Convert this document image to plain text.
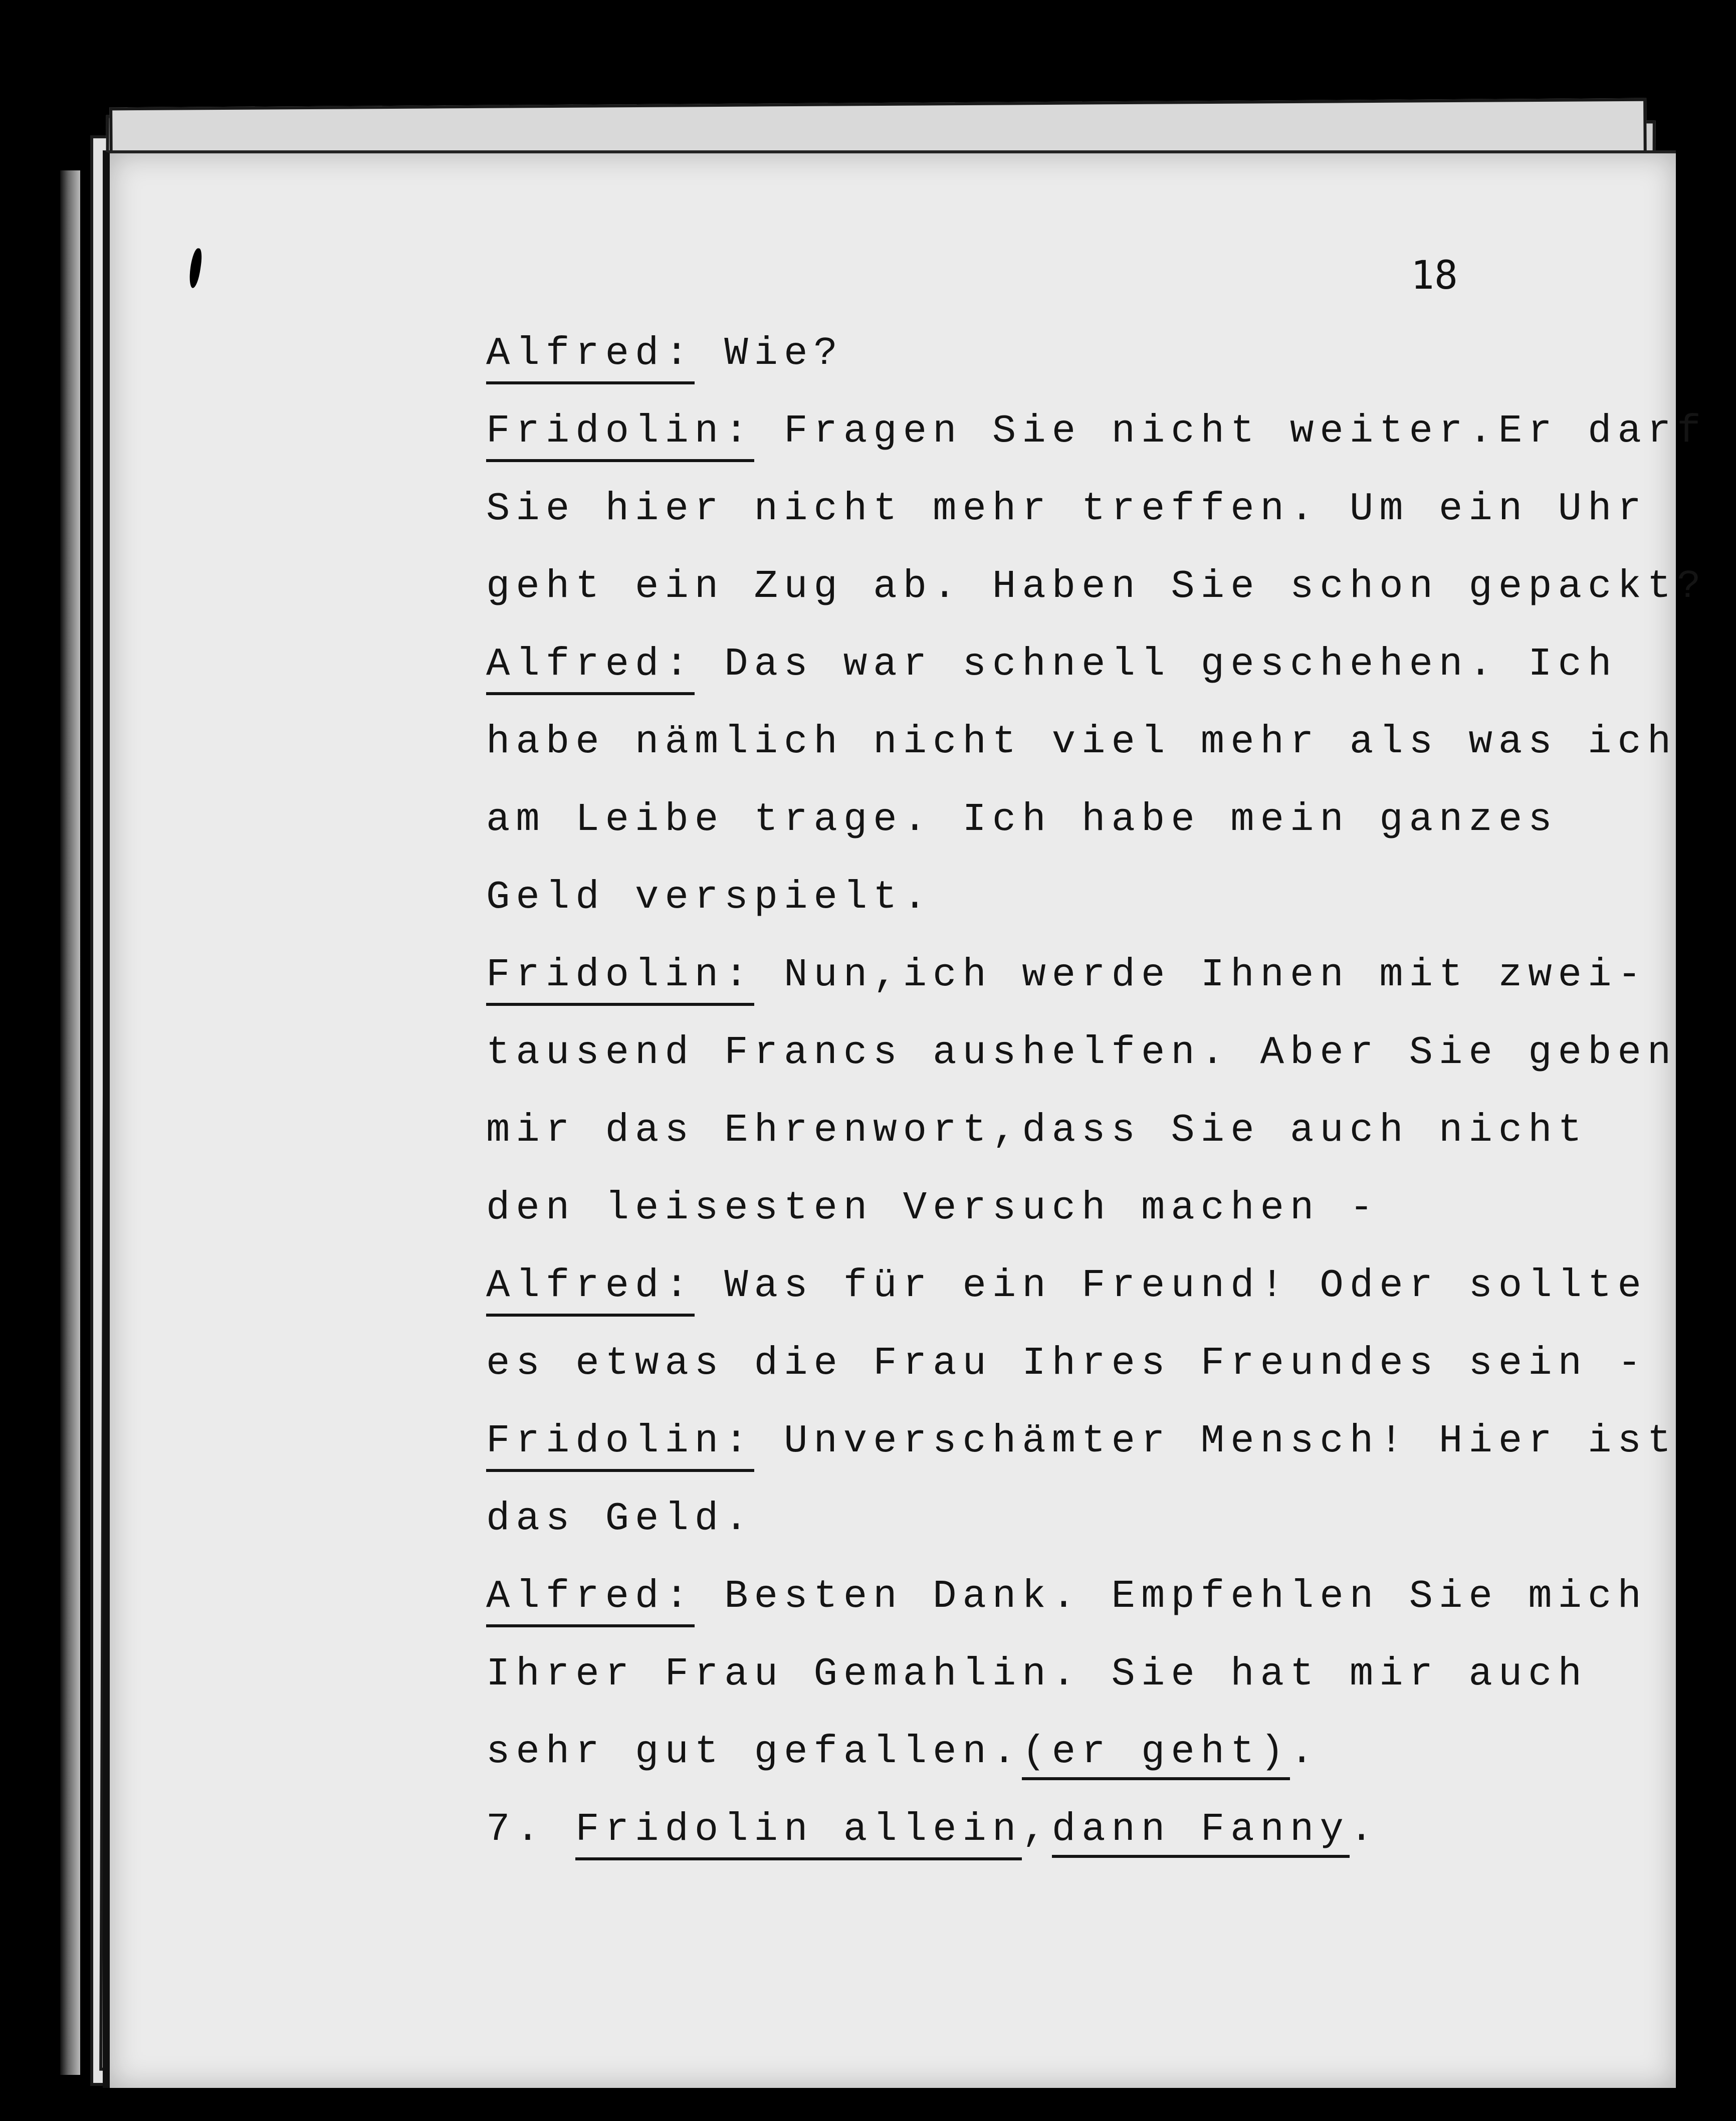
18
Alfred: Wie?
Fridolin: Fragen Sie nicht weiter.Er darf
Sie hier nicht mehr treffen. Um ein Uhr
geht ein Zug ab. Haben Sie schon gepackt?
Alfred: Das war schnell geschehen. Ich
habe nämlich nicht viel mehr als was ich
am Leibe trage. Ich habe mein ganzes
Geld verspielt.
Fridolin: Nun,ich werde Ihnen mit zwei-
tausend Francs aushelfen. Aber Sie geben
mir das Ehrenwort,dass Sie auch nicht
den leisesten Versuch machen -
Alfred: Was für ein Freund! Oder sollte
es etwas die Frau Ihres Freundes sein -
Fridolin: Unverschämter Mensch! Hier ist
das Geld.
Alfred: Besten Dank. Empfehlen Sie mich
Ihrer Frau Gemahlin. Sie hat mir auch
sehr gut gefallen.(er geht).
7. Fridolin allein,dann Fanny.
